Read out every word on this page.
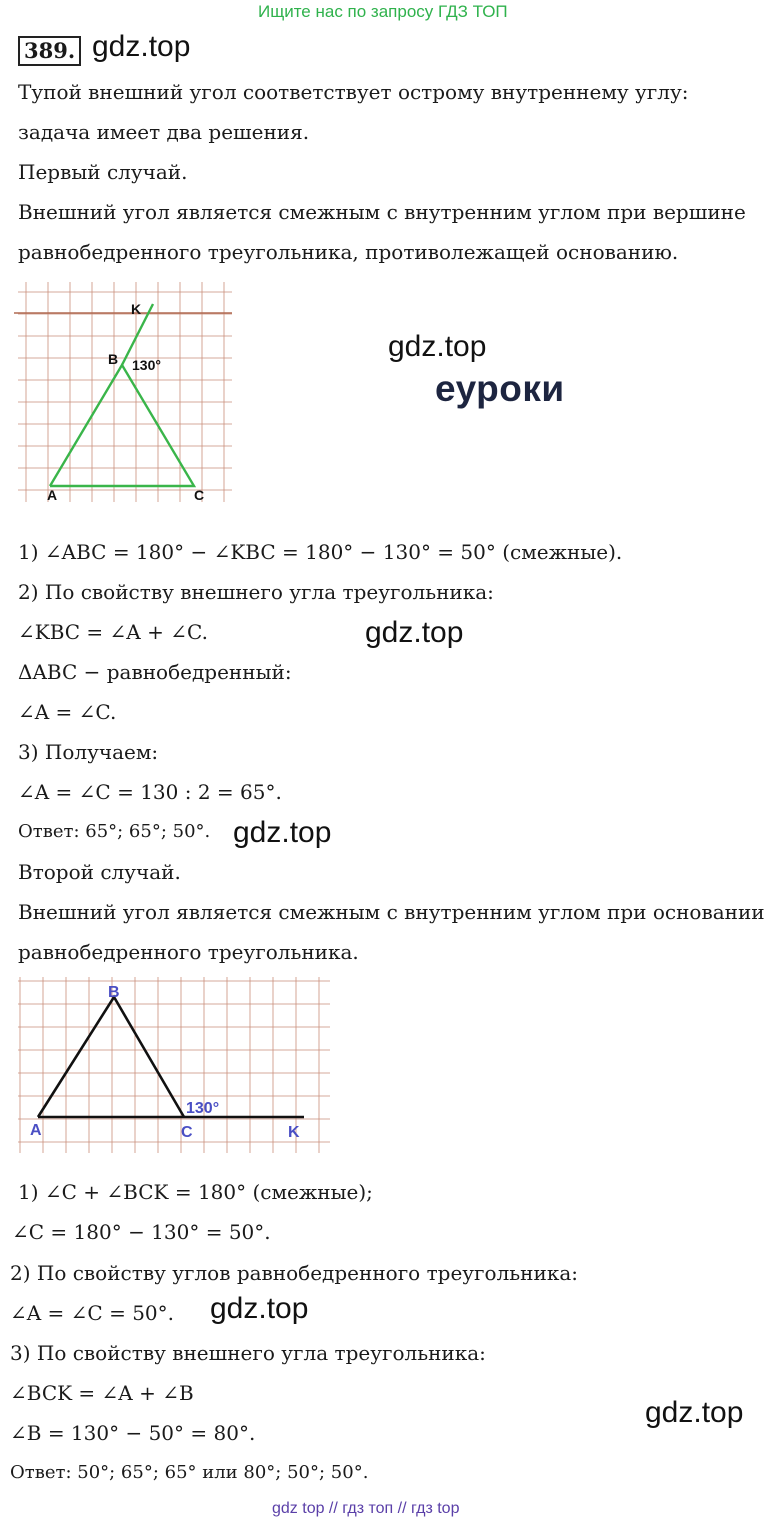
Ищите нас по запросу ГДЗ ТОП
389. gdz.top
Тупой внешний угол соответствует острому внутреннему углу:
задача имеет два решения.
Первый случай.
Внешний угол является смежным с внутренним углом при вершине
равнобедренного треугольника, противолежащей основанию.
K
B 130°
A	C
gdz.top
еуроки
1) ∠ABC = 180° − ∠KBC = 180° − 130° = 50° (смежные).
2) По свойству внешнего угла треугольника:
∠KBC = ∠A + ∠C.	gdz.top
ΔABC − равнобедренный:
∠A = ∠C.
3) Получаем:
∠A = ∠C = 130 : 2 = 65°.
Ответ: 65°; 65°; 50°. gdz.top
Второй случай.
Внешний угол является смежным с внутренним углом при основании
равнобедренного треугольника.
B
130°
A	C	K
1) ∠C + ∠BCK = 180° (смежные);
∠C = 180° − 130° = 50°.
2) По свойству углов равнобедренного треугольника:
∠A = ∠C = 50°. gdz.top
3) По свойству внешнего угла треугольника:
∠BCK = ∠A + ∠B
gdz.top
∠B = 130° − 50° = 80°.
Ответ: 50°; 65°; 65° или 80°; 50°; 50°.
gdz top // гдз топ // гдз top
